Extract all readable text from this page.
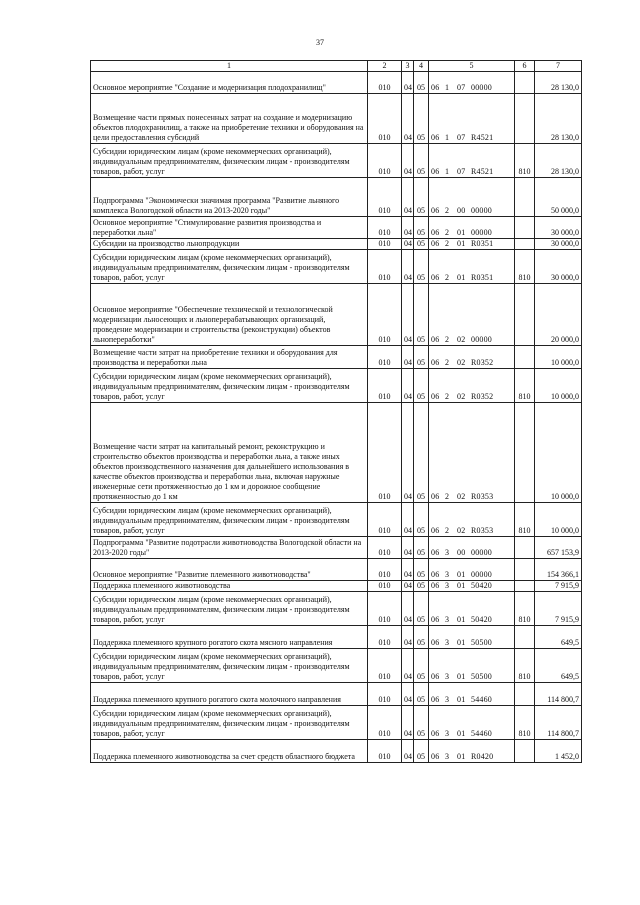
37
1	2	3	4	5	6	7
Основное мероприятие "Создание и модернизация плодохранилищ"	010	04	05	06 1 07 00000		28 130,0
Возмещение части прямых понесенных затрат на создание и модернизацию объектов плодохранилищ, а также на приобретение техники и оборудования на цели предоставления субсидий	010	04	05	06 1 07 R4521		28 130,0
Субсидии юридическим лицам (кроме некоммерческих организаций), индивидуальным предпринимателям, физическим лицам - производителям товаров, работ, услуг	010	04	05	06 1 07 R4521	810	28 130,0
Подпрограмма "Экономически значимая программа "Развитие льняного комплекса Вологодской области на 2013-2020 годы"	010	04	05	06 2 00 00000		50 000,0
Основное мероприятие "Стимулирование развития производства и переработки льна"	010	04	05	06 2 01 00000		30 000,0
Субсидии на производство льнопродукции	010	04	05	06 2 01 R0351		30 000,0
Субсидии юридическим лицам (кроме некоммерческих организаций), индивидуальным предпринимателям, физическим лицам - производителям товаров, работ, услуг	010	04	05	06 2 01 R0351	810	30 000,0
Основное мероприятие "Обеспечение технической и технологической модернизации льносеющих и льноперерабатывающих организаций, проведение модернизации и строительства (реконструкции) объектов льнопереработки"	010	04	05	06 2 02 00000		20 000,0
Возмещение части затрат на приобретение техники и оборудования для производства и переработки льна	010	04	05	06 2 02 R0352		10 000,0
Субсидии юридическим лицам (кроме некоммерческих организаций), индивидуальным предпринимателям, физическим лицам - производителям товаров, работ, услуг	010	04	05	06 2 02 R0352	810	10 000,0
Возмещение части затрат на капитальный ремонт, реконструкцию и строительство объектов производства и переработки льна, а также иных объектов производственного назначения для дальнейшего использования в качестве объектов производства и переработки льна, включая наружные инженерные сети протяженностью до 1 км и дорожное сообщение протяженностью до 1 км	010	04	05	06 2 02 R0353		10 000,0
Субсидии юридическим лицам (кроме некоммерческих организаций), индивидуальным предпринимателям, физическим лицам - производителям товаров, работ, услуг	010	04	05	06 2 02 R0353	810	10 000,0
Подпрограмма "Развитие подотрасли животноводства Вологодской области на 2013-2020 годы"	010	04	05	06 3 00 00000		657 153,9
Основное мероприятие "Развитие племенного животноводства"	010	04	05	06 3 01 00000		154 366,1
Поддержка племенного животноводства	010	04	05	06 3 01 50420		7 915,9
Субсидии юридическим лицам (кроме некоммерческих организаций), индивидуальным предпринимателям, физическим лицам - производителям товаров, работ, услуг	010	04	05	06 3 01 50420	810	7 915,9
Поддержка племенного крупного рогатого скота мясного направления	010	04	05	06 3 01 50500		649,5
Субсидии юридическим лицам (кроме некоммерческих организаций), индивидуальным предпринимателям, физическим лицам - производителям товаров, работ, услуг	010	04	05	06 3 01 50500	810	649,5
Поддержка племенного крупного рогатого скота молочного направления	010	04	05	06 3 01 54460		114 800,7
Субсидии юридическим лицам (кроме некоммерческих организаций), индивидуальным предпринимателям, физическим лицам - производителям товаров, работ, услуг	010	04	05	06 3 01 54460	810	114 800,7
Поддержка племенного животноводства за счет средств областного бюджета	010	04	05	06 3 01 R0420		1 452,0
